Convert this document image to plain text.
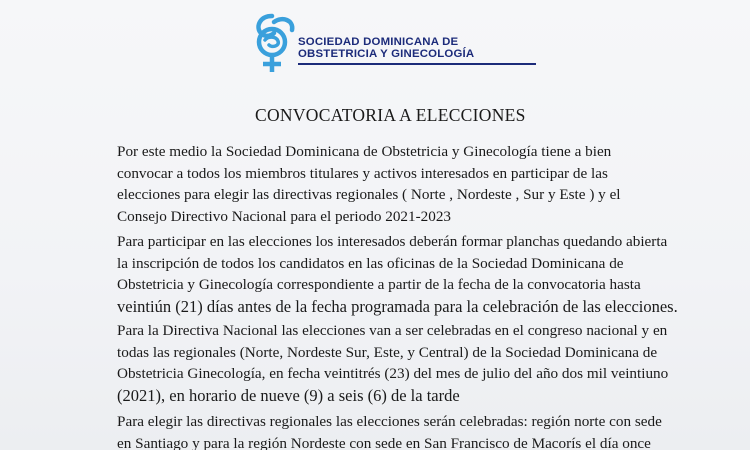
SOCIEDAD DOMINICANA DE
OBSTETRICIA Y GINECOLOGÍA
CONVOCATORIA A ELECCIONES
Por este medio la Sociedad Dominicana de Obstetricia y Ginecología tiene a bien
convocar a todos los miembros titulares y activos interesados en participar de las
elecciones para elegir las directivas regionales ( Norte , Nordeste , Sur y Este ) y el
Consejo Directivo Nacional para el periodo 2021-2023
Para participar en las elecciones los interesados deberán formar planchas quedando abierta
la inscripción de todos los candidatos en las oficinas de la Sociedad Dominicana de
Obstetricia y Ginecología correspondiente a partir de la fecha de la convocatoria hasta
veintiún (21) días antes de la fecha programada para la celebración de las elecciones.
Para la Directiva Nacional las elecciones van a ser celebradas en el congreso nacional y en
todas las regionales (Norte, Nordeste Sur, Este, y Central) de la Sociedad Dominicana de
Obstetricia Ginecología, en fecha veintitrés (23) del mes de julio del año dos mil veintiuno
(2021), en horario de nueve (9) a seis (6) de la tarde
Para elegir las directivas regionales las elecciones serán celebradas: región norte con sede
en Santiago y para la región Nordeste con sede en San Francisco de Macorís el día once
